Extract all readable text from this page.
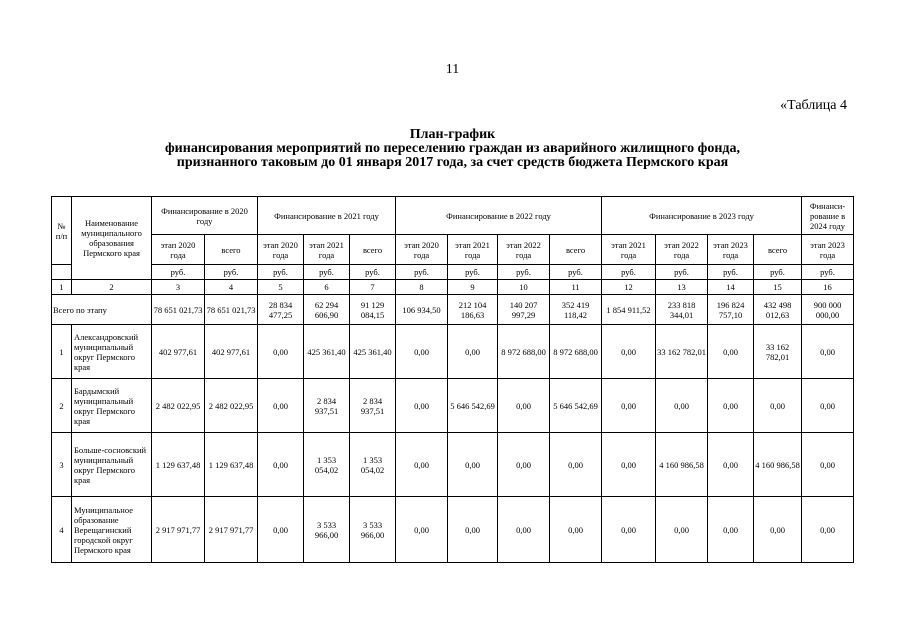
11
«Таблица 4
План-график
финансирования мероприятий по переселению граждан из аварийного жилищного фонда,
признанного таковым до 01 января 2017 года, за счет средств бюджета Пермского края
№ п/п	Наименование муниципального образования Пермского края	Финансирование в 2020 году		Финансирование в 2021 году			Финансирование в 2022 году				Финансирование в 2023 году				Финанси-рование в 2024 году
		этап 2020 года	всего	этап 2020 года	этап 2021 года	всего	этап 2020 года	этап 2021 года	этап 2022 года	всего	этап 2021 года	этап 2022 года	этап 2023 года	всего	этап 2023 года
		руб.	руб.	руб.	руб.	руб.	руб.	руб.	руб.	руб.	руб.	руб.	руб.	руб.	руб.
1	2	3	4	5	6	7	8	9	10	11	12	13	14	15	16
Всего по этапу		78 651 021,73	78 651 021,73	28 834 477,25	62 294 606,90	91 129 084,15	106 934,50	212 104 186,63	140 207 997,29	352 419 118,42	1 854 911,52	233 818 344,01	196 824 757,10	432 498 012,63	900 000 000,00
1	Александровский муниципальный округ Пермского края	402 977,61	402 977,61	0,00	425 361,40	425 361,40	0,00	0,00	8 972 688,00	8 972 688,00	0,00	33 162 782,01	0,00	33 162 782,01	0,00
2	Бардымский муниципальный округ Пермского края	2 482 022,95	2 482 022,95	0,00	2 834 937,51	2 834 937,51	0,00	5 646 542,69	0,00	5 646 542,69	0,00	0,00	0,00	0,00	0,00
3	Больше-сосновский муниципальный округ Пермского края	1 129 637,48	1 129 637,48	0,00	1 353 054,02	1 353 054,02	0,00	0,00	0,00	0,00	0,00	4 160 986,58	0,00	4 160 986,58	0,00
4	Муниципальное образование Верещагинский городской округ Пермского края	2 917 971,77	2 917 971,77	0,00	3 533 966,00	3 533 966,00	0,00	0,00	0,00	0,00	0,00	0,00	0,00	0,00	0,00
